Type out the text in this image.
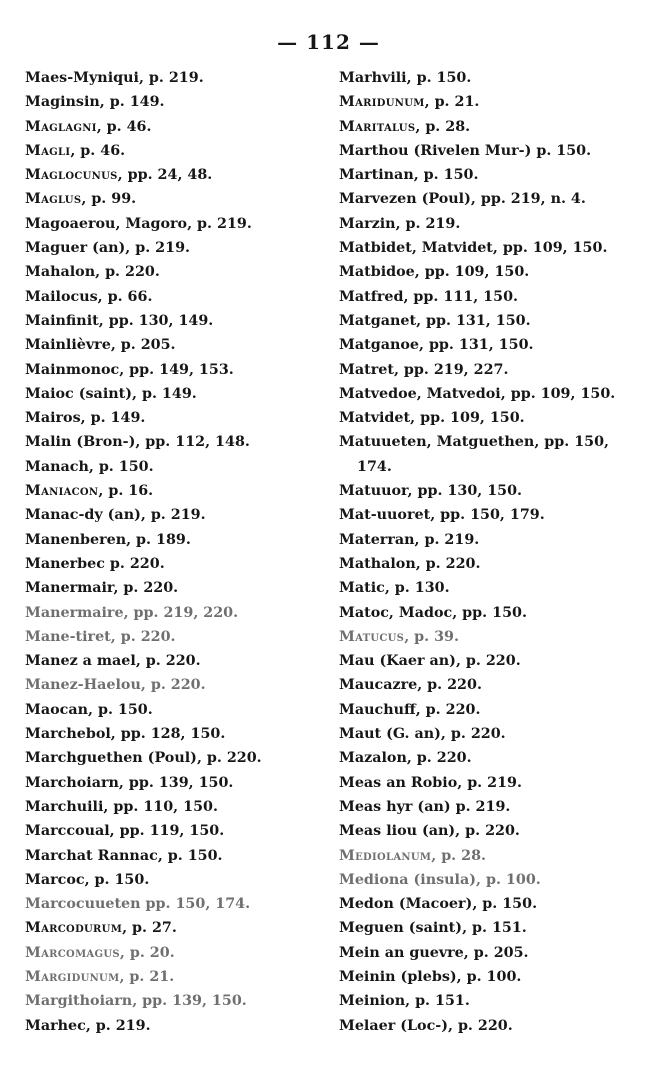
— 112 —
Maes-Myniqui, p. 219.
Maginsin, p. 149.
Maglagni, p. 46.
Magli, p. 46.
Maglocunus, pp. 24, 48.
Maglus, p. 99.
Magoaerou, Magoro, p. 219.
Maguer (an), p. 219.
Mahalon, p. 220.
Mailocus, p. 66.
Mainfinit, pp. 130, 149.
Mainlièvre, p. 205.
Mainmonoc, pp. 149, 153.
Maioc (saint), p. 149.
Mairos, p. 149.
Malin (Bron-), pp. 112, 148.
Manach, p. 150.
Maniacon, p. 16.
Manac-dy (an), p. 219.
Manenberen, p. 189.
Manerbec p. 220.
Manermair, p. 220.
Manermaire, pp. 219, 220.
Mane-tiret, p. 220.
Manez a mael, p. 220.
Manez-Haelou, p. 220.
Maocan, p. 150.
Marchebol, pp. 128, 150.
Marchguethen (Poul), p. 220.
Marchoiarn, pp. 139, 150.
Marchuili, pp. 110, 150.
Marccoual, pp. 119, 150.
Marchat Rannac, p. 150.
Marcoc, p. 150.
Marcocuueten pp. 150, 174.
Marcodurum, p. 27.
Marcomagus, p. 20.
Margidunum, p. 21.
Margithoiarn, pp. 139, 150.
Marhec, p. 219.
Marhvili, p. 150.
Maridunum, p. 21.
Maritalus, p. 28.
Marthou (Rivelen Mur-) p. 150.
Martinan, p. 150.
Marvezen (Poul), pp. 219, n. 4.
Marzin, p. 219.
Matbidet, Matvidet, pp. 109, 150.
Matbidoe, pp. 109, 150.
Matfred, pp. 111, 150.
Matganet, pp. 131, 150.
Matganoe, pp. 131, 150.
Matret, pp. 219, 227.
Matvedoe, Matvedoi, pp. 109, 150.
Matvidet, pp. 109, 150.
Matuueten, Matguethen, pp. 150,
174.
Matuuor, pp. 130, 150.
Mat-uuoret, pp. 150, 179.
Materran, p. 219.
Mathalon, p. 220.
Matic, p. 130.
Matoc, Madoc, pp. 150.
Matucus, p. 39.
Mau (Kaer an), p. 220.
Maucazre, p. 220.
Mauchuff, p. 220.
Maut (G. an), p. 220.
Mazalon, p. 220.
Meas an Robio, p. 219.
Meas hyr (an) p. 219.
Meas liou (an), p. 220.
Mediolanum, p. 28.
Mediona (insula), p. 100.
Medon (Macoer), p. 150.
Meguen (saint), p. 151.
Mein an guevre, p. 205.
Meinin (plebs), p. 100.
Meinion, p. 151.
Melaer (Loc-), p. 220.
